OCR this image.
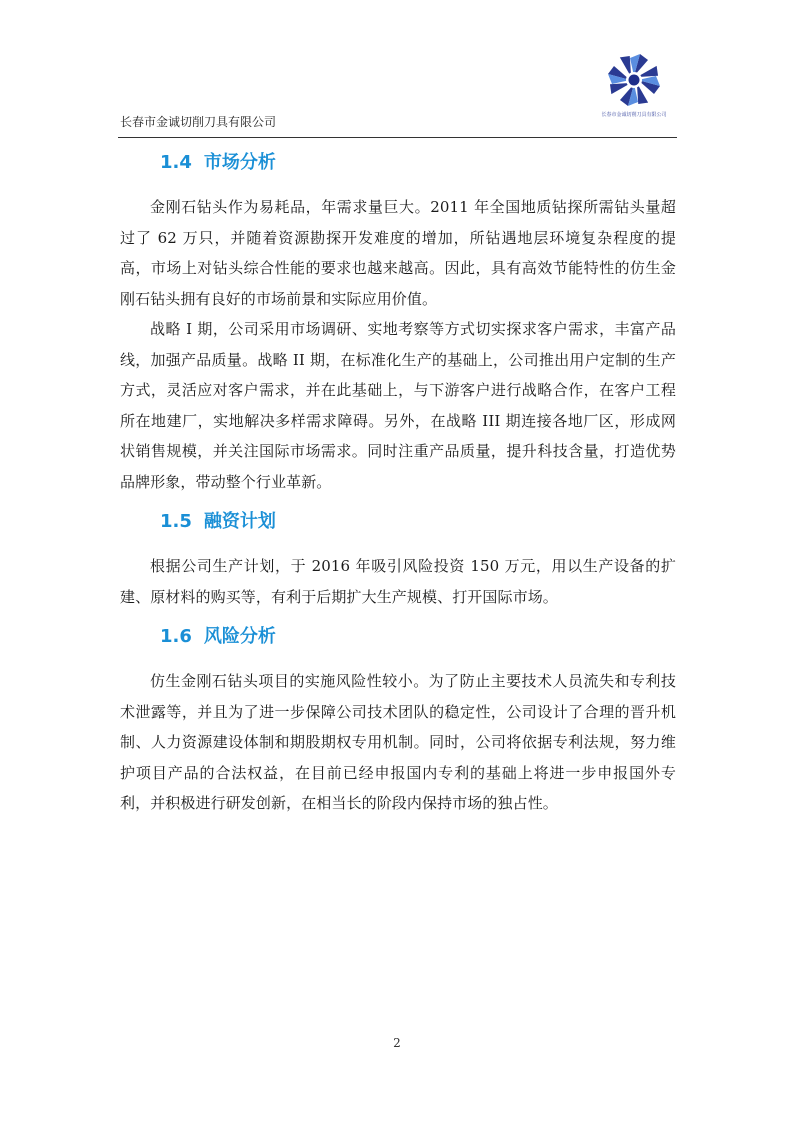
长春市金诚切削刀具有限公司
长春市金诚切削刀具有限公司
1.4 市场分析

金刚石钻头作为易耗品，年需求量巨大。2011 年全国地质钻探所需钻头量超过了 62 万只，并随着资源勘探开发难度的增加，所钻遇地层环境复杂程度的提高，市场上对钻头综合性能的要求也越来越高。因此，具有高效节能特性的仿生金刚石钻头拥有良好的市场前景和实际应用价值。

战略 I 期，公司采用市场调研、实地考察等方式切实探求客户需求，丰富产品线，加强产品质量。战略 II 期，在标准化生产的基础上，公司推出用户定制的生产方式，灵活应对客户需求，并在此基础上，与下游客户进行战略合作，在客户工程所在地建厂，实地解决多样需求障碍。另外，在战略 III 期连接各地厂区，形成网状销售规模，并关注国际市场需求。同时注重产品质量，提升科技含量，打造优势品牌形象，带动整个行业革新。

1.5 融资计划

根据公司生产计划，于 2016 年吸引风险投资 150 万元，用以生产设备的扩建、原材料的购买等，有利于后期扩大生产规模、打开国际市场。

1.6 风险分析

仿生金刚石钻头项目的实施风险性较小。为了防止主要技术人员流失和专利技术泄露等，并且为了进一步保障公司技术团队的稳定性，公司设计了合理的晋升机制、人力资源建设体制和期股期权专用机制。同时，公司将依据专利法规，努力维护项目产品的合法权益，在目前已经申报国内专利的基础上将进一步申报国外专利，并积极进行研发创新，在相当长的阶段内保持市场的独占性。

2
